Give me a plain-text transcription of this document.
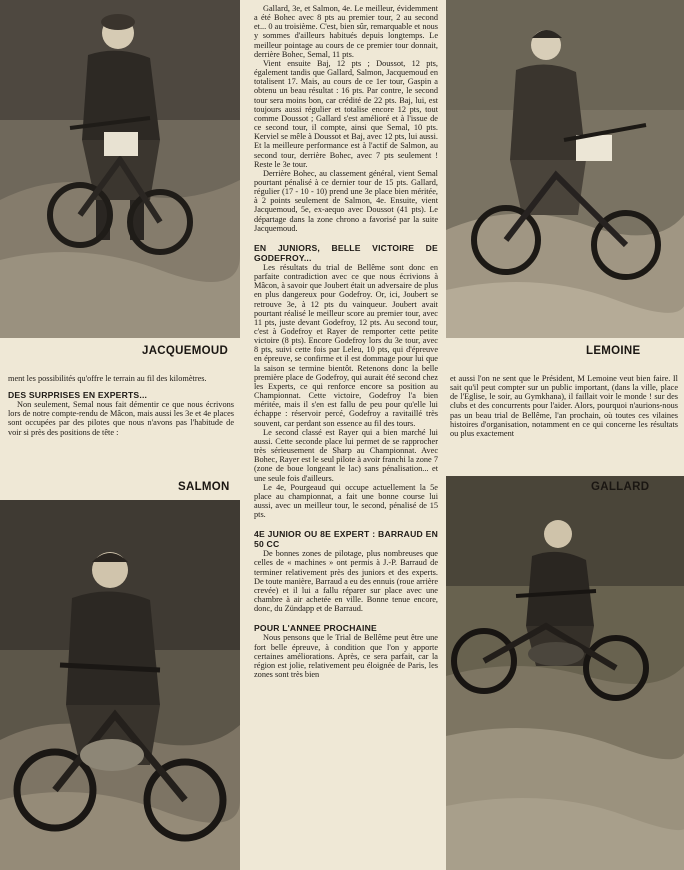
JACQUEMOUD	LEMOINE
SALMON	GALLARD

Gallard, 3e, et Salmon, 4e. Le meilleur, évidemment a été Bohec avec 8 pts au premier tour, 2 au second et... 0 au troisième. C'est, bien sûr, remarquable et nous y sommes d'ailleurs habitués depuis longtemps. Le meilleur pointage au cours de ce premier tour donnait, derrière Bohec, Semal, 11 pts.

Vient ensuite Baj, 12 pts ; Doussot, 12 pts, également tandis que Gallard, Salmon, Jacquemoud en totalisent 17. Mais, au cours de ce 1er tour, Gaspin a obtenu un beau résultat : 16 pts. Par contre, le second tour sera moins bon, car crédité de 22 pts. Baj, lui, est toujours aussi régulier et totalise encore 12 pts, tout comme Doussot ; Gallard s'est amélioré et à l'issue de ce second tour, il compte, ainsi que Semal, 10 pts. Kerviel se mêle à Doussot et Baj, avec 12 pts, lui aussi. Et la meilleure performance est à l'actif de Salmon, au second tour, derrière Bohec, avec 7 pts seulement ! Reste le 3e tour.

Derrière Bohec, au classement général, vient Semal pourtant pénalisé à ce dernier tour de 15 pts. Gallard, régulier (17 - 10 - 10) prend une 3e place bien méritée, à 2 points seulement de Salmon, 4e. Ensuite, vient Jacquemoud, 5e, ex-aequo avec Doussot (41 pts). Le départage dans la zone chrono a favorisé par la suite Jacquemoud.

EN JUNIORS, BELLE VICTOIRE DE GODEFROY...

Les résultats du trial de Bellême sont donc en parfaite contradiction avec ce que nous écrivions à Mâcon, à savoir que Joubert était un adversaire de plus en plus dangereux pour Godefroy. Or, ici, Joubert se retrouve 3e, à 12 pts du vainqueur. Joubert avait pourtant réalisé le meilleur score au premier tour, avec 11 pts, juste devant Godefroy, 12 pts. Au second tour, c'est à Godefroy et Rayer de remporter cette petite victoire (8 pts). Encore Godefroy lors du 3e tour, avec 8 pts, suivi cette fois par Leleu, 10 pts, qui d'épreuve en épreuve, se confirme et il est dommage pour lui que la saison se termine bientôt. Retenons donc la belle première place de Godefroy, qui aurait été second chez les Experts, ce qui renforce encore sa position au Championnat. Cette victoire, Godefroy l'a bien méritée, mais il s'en est fallu de peu pour qu'elle lui échappe : réservoir percé, Godefroy a ravitaillé très souvent, car perdant son essence au fil des tours.

Le second classé est Rayer qui a bien marché lui aussi. Cette seconde place lui permet de se rapprocher très sérieusement de Sharp au Championnat. Avec Bohec, Rayer est le seul pilote à avoir franchi la zone 7 (zone de boue longeant le lac) sans pénalisation... et une seule fois d'ailleurs.

Le 4e, Pourgeaud qui occupe actuellement la 5e place au championnat, a fait une bonne course lui aussi, avec un meilleur tour, le second, pénalisé de 15 pts.

4E JUNIOR OU 8E EXPERT : BARRAUD EN 50 CC

De bonnes zones de pilotage, plus nombreuses que celles de « machines » ont permis à J.-P. Barraud de terminer relativement près des juniors et des experts. De toute manière, Barraud a eu des ennuis (roue arrière crevée) et il lui a fallu réparer sur place avec une chambre à air achetée en ville. Bonne tenue encore, donc, du Zündapp et de Barraud.

POUR L'ANNEE PROCHAINE

Nous pensons que le Trial de Bellême peut être une fort belle épreuve, à condition que l'on y apporte certaines améliorations. Après, ce sera parfait, car la région est jolie, relativement peu éloignée de Paris, les zones sont très bien

ment les possibilités qu'offre le terrain au fil des kilomètres.

DES SURPRISES EN EXPERTS...

Non seulement, Semal nous fait démentir ce que nous écrivons lors de notre compte-rendu de Mâcon, mais aussi les 3e et 4e places sont occupées par des pilotes que nous n'avons pas l'habitude de voir si près des positions de tête :

et aussi l'on ne sent que le Président, M Lemoine veut bien faire. Il sait qu'il peut compter sur un public important, (dans la ville, place de l'Eglise, le soir, au Gymkhana), il faillait voir le monde ! sur des clubs et des concurrents pour l'aider. Alors, pourquoi n'aurions-nous pas un beau trial de Bellême, l'an prochain, où toutes ces vilaines histoires d'organisation, notamment en ce qui concerne les résultats ou plus exactement
